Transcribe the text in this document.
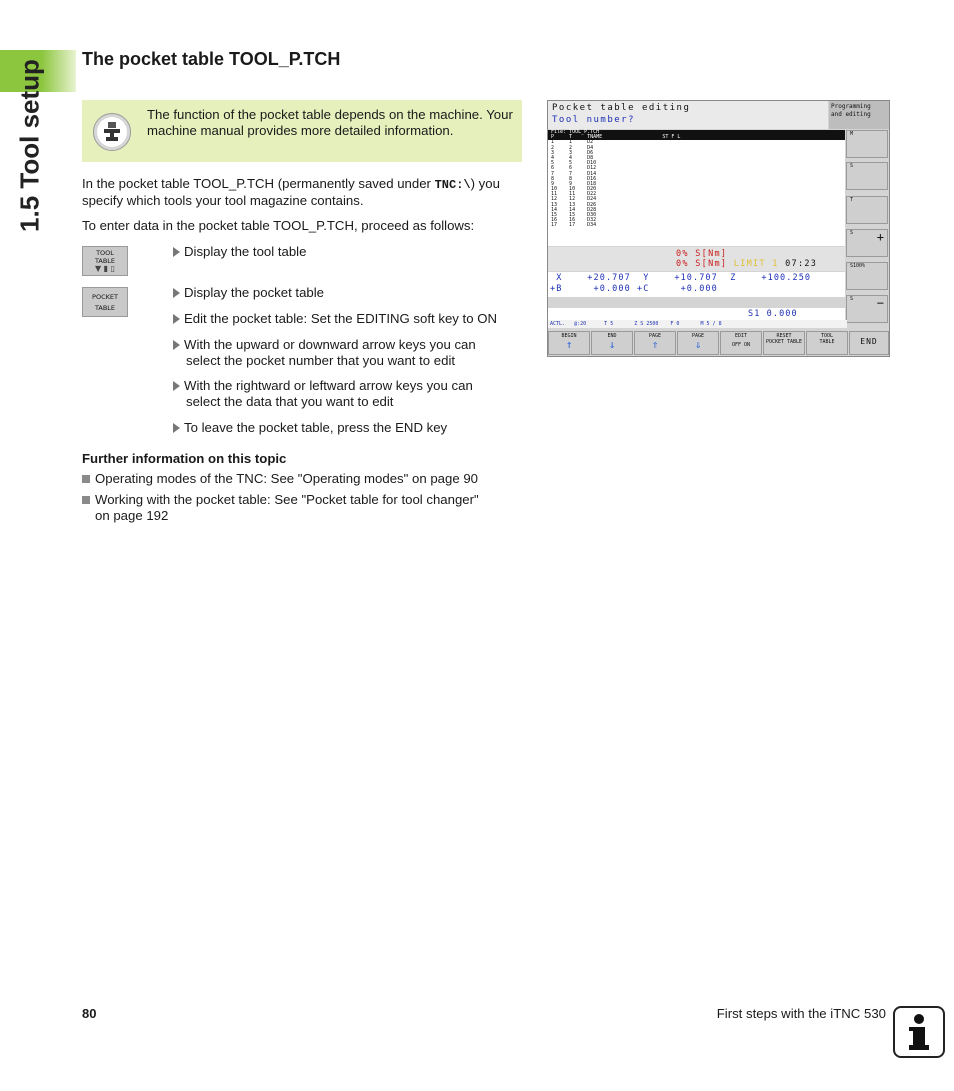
1.5 Tool setup
The pocket table TOOL_P.TCH
The function of the pocket table depends on the machine. Your machine manual provides more detailed information.
In the pocket table TOOL_P.TCH (permanently saved under TNC:\) you specify which tools your tool magazine contains.
To enter data in the pocket table TOOL_P.TCH, proceed as follows:
TOOL
TABLE
▼ ▮ ▯
POCKET
TABLE
Display the tool table
Display the pocket table
Edit the pocket table: Set the EDITING soft key to ON
With the upward or downward arrow keys you can
select the pocket number that you want to edit
With the rightward or leftward arrow keys you can
select the data that you want to edit
To leave the pocket table, press the END key
Further information on this topic
Operating modes of the TNC: See "Operating modes" on page 90
Working with the pocket table: See "Pocket table for tool changer"
on page 192
Pocket table editing
Tool number?
Programming
and editing
File: TOOL_P.TCH
P     T     TNAME                    ST F L
1     1     D2
2     2     D4
3     3     D6
4     4     D8
5     5     D10
6     6     D12
7     7     D14
8     8     D16
9     9     D18
10    10    D20
11    11    D22
12    12    D24
13    13    D26
14    14    D28
15    15    D30
16    16    D32
17    17    D34
M
S
T
S +
S100%
S −
0% S[Nm]
0% S[Nm] LIMIT 1 07:23
X    +20.707  Y    +10.707  Z    +100.250
+B     +0.000 +C     +0.000
S1 0.000
ACTL.   @:20      T 5       Z S 2500    F 0       M 5 / 8
BEGIN
↑
END
↓
PAGE
⇑
PAGE
⇓
EDIT
OFF ON
RESET
POCKET TABLE
TOOL
TABLE	END
80	First steps with the iTNC 530
